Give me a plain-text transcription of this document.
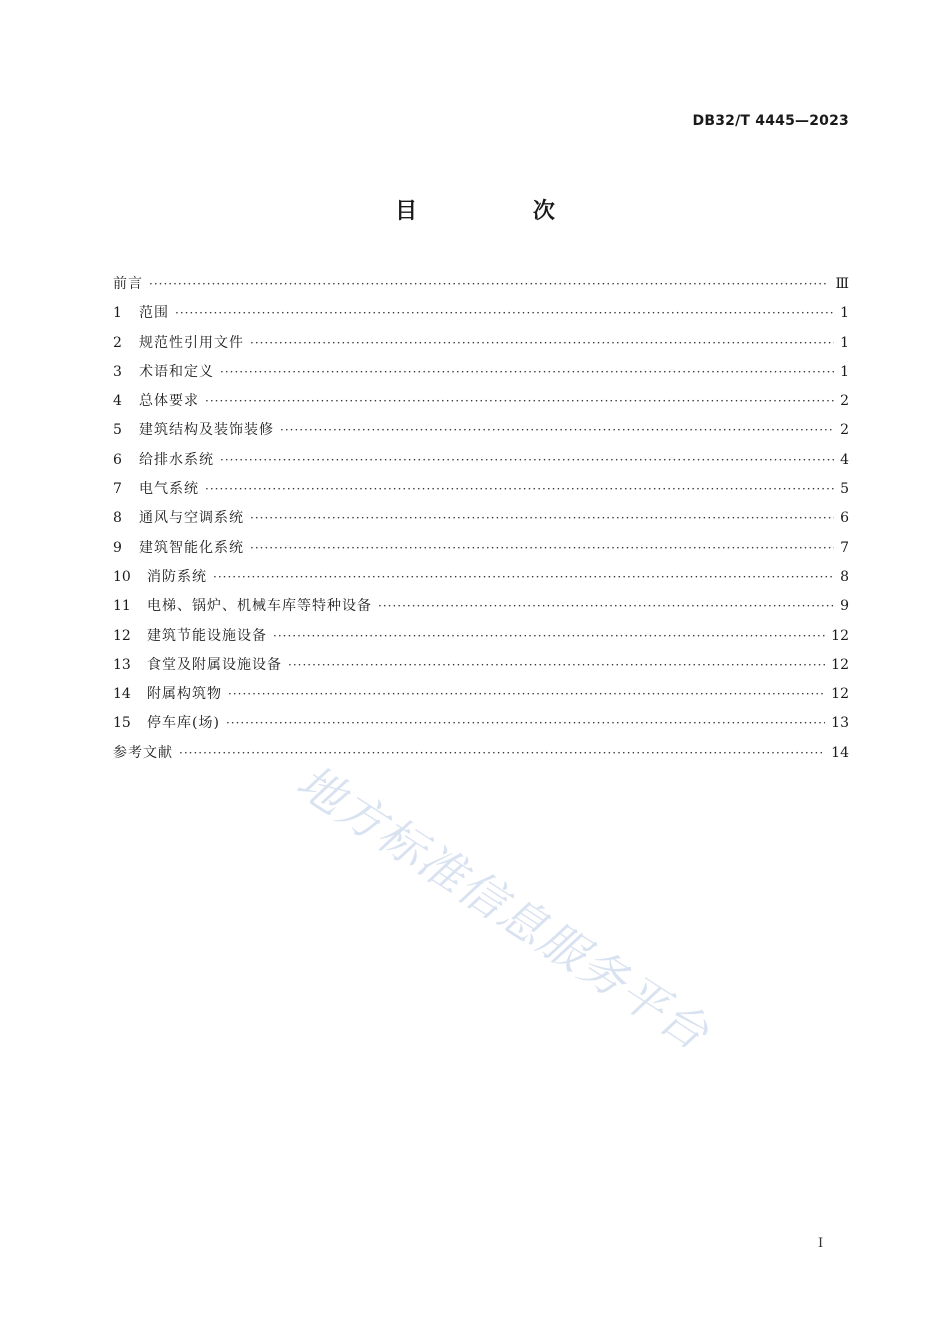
DB32/T 4445—2023
目 次
前言 ·····	Ⅲ
1	范围 ·····	1
2	规范性引用文件 ·····	1
3	术语和定义 ·····	1
4	总体要求 ·····	2
5	建筑结构及装饰装修 ·····	2
6	给排水系统 ·····	4
7	电气系统 ·····	5
8	通风与空调系统 ·····	6
9	建筑智能化系统 ·····	7
10	消防系统 ·····	8
11	电梯、锅炉、机械车库等特种设备 ·····	9
12	建筑节能设施设备 ·····	12
13	食堂及附属设施设备 ·····	12
14	附属构筑物 ·····	12
15	停车库(场) ·····	13
参考文献 ·····	14
地方标准信息服务平台
I
